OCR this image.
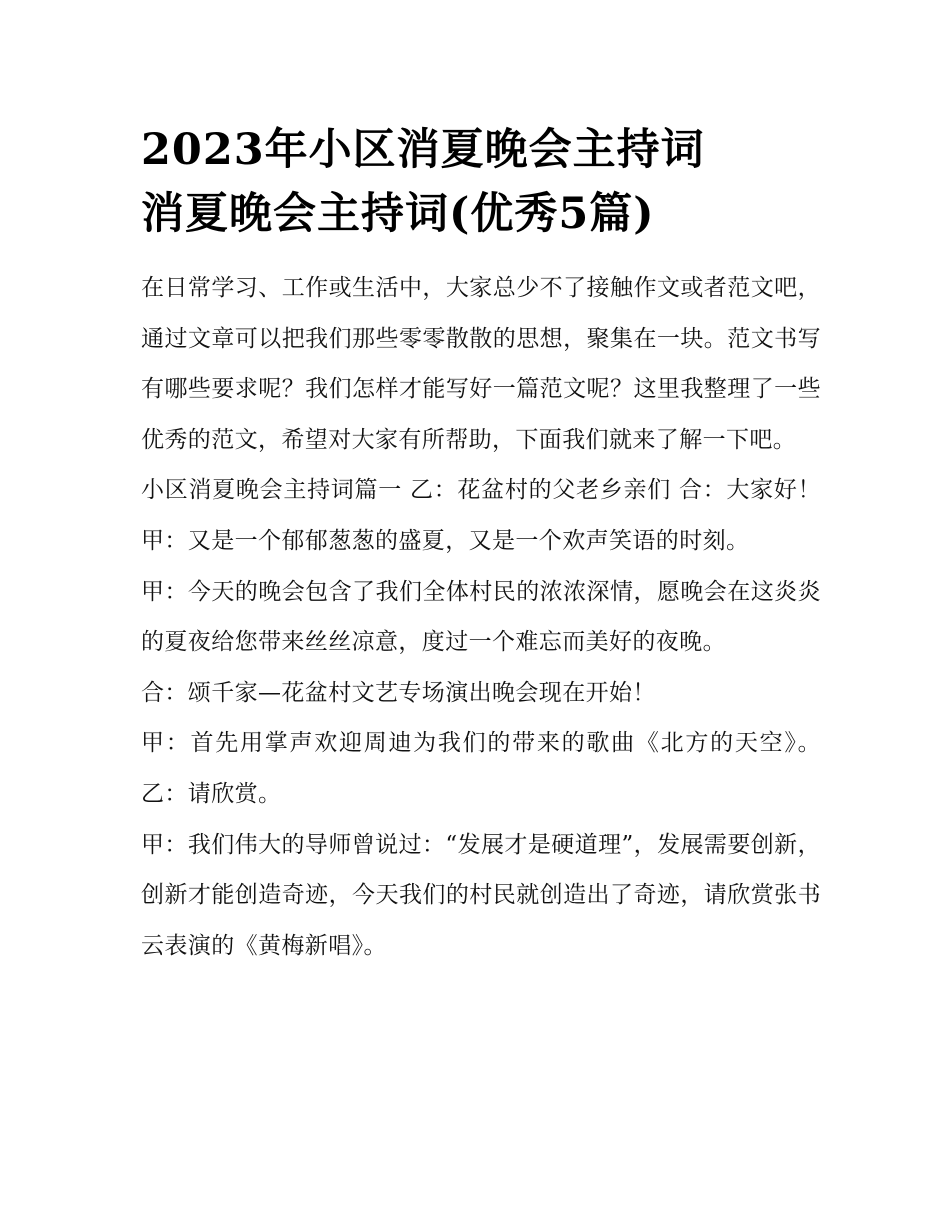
2023年小区消夏晚会主持词
消夏晚会主持词(优秀5篇)

在日常学习、工作或生活中，大家总少不了接触作文或者范文吧，通过文章可以把我们那些零零散散的思想，聚集在一块。范文书写有哪些要求呢？我们怎样才能写好一篇范文呢？这里我整理了一些优秀的范文，希望对大家有所帮助，下面我们就来了解一下吧。

小区消夏晚会主持词篇一 乙：花盆村的父老乡亲们 合：大家好！ 甲：又是一个郁郁葱葱的盛夏，又是一个欢声笑语的时刻。

甲：今天的晚会包含了我们全体村民的浓浓深情，愿晚会在这炎炎的夏夜给您带来丝丝凉意，度过一个难忘而美好的夜晚。

合：颂千家—花盆村文艺专场演出晚会现在开始！

甲：首先用掌声欢迎周迪为我们的带来的歌曲《北方的天空》。 乙：请欣赏。

甲：我们伟大的导师曾说过：“发展才是硬道理”，发展需要创新，创新才能创造奇迹，今天我们的村民就创造出了奇迹，请欣赏张书云表演的《黄梅新唱》。
